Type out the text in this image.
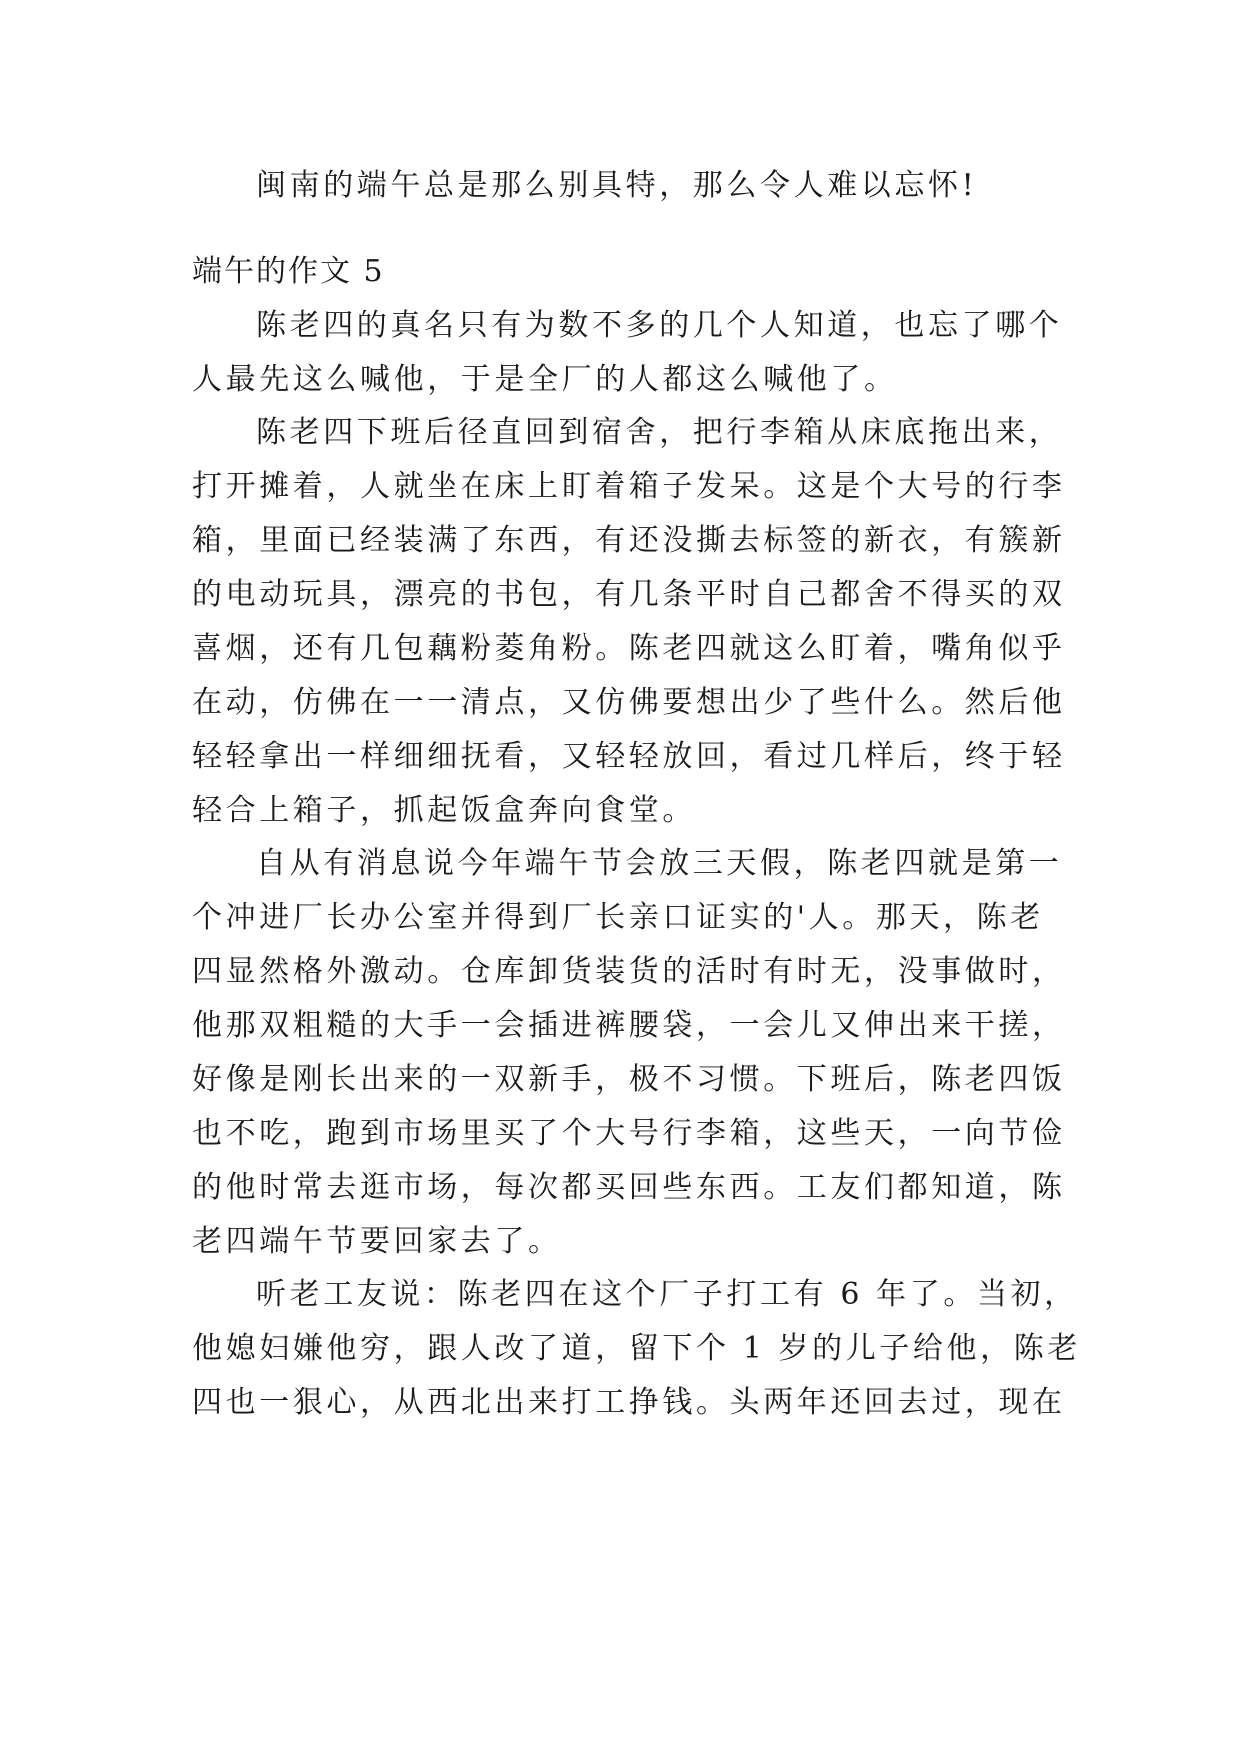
闽南的端午总是那么别具特，那么令人难以忘怀!
端午的作文 5
陈老四的真名只有为数不多的几个人知道，也忘了哪个
人最先这么喊他，于是全厂的人都这么喊他了。
陈老四下班后径直回到宿舍，把行李箱从床底拖出来，
打开摊着，人就坐在床上盯着箱子发呆。这是个大号的行李
箱，里面已经装满了东西，有还没撕去标签的新衣，有簇新
的电动玩具，漂亮的书包，有几条平时自己都舍不得买的双
喜烟，还有几包藕粉菱角粉。陈老四就这么盯着，嘴角似乎
在动，仿佛在一一清点，又仿佛要想出少了些什么。然后他
轻轻拿出一样细细抚看，又轻轻放回，看过几样后，终于轻
轻合上箱子，抓起饭盒奔向食堂。
自从有消息说今年端午节会放三天假，陈老四就是第一
个冲进厂长办公室并得到厂长亲口证实的'人。那天，陈老
四显然格外激动。仓库卸货装货的活时有时无，没事做时，
他那双粗糙的大手一会插进裤腰袋，一会儿又伸出来干搓，
好像是刚长出来的一双新手，极不习惯。下班后，陈老四饭
也不吃，跑到市场里买了个大号行李箱，这些天，一向节俭
的他时常去逛市场，每次都买回些东西。工友们都知道，陈
老四端午节要回家去了。
听老工友说：陈老四在这个厂子打工有 6 年了。当初，
他媳妇嫌他穷，跟人改了道，留下个 1 岁的儿子给他，陈老
四也一狠心，从西北出来打工挣钱。头两年还回去过，现在
